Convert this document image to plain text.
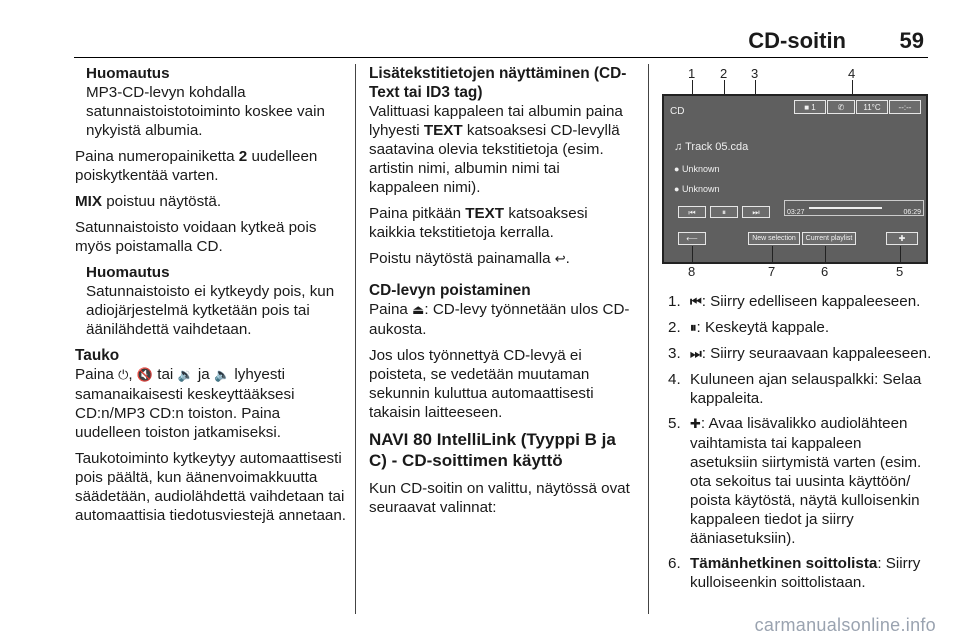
CD-soitin 59
Huomautus
MP3-CD-levyn kohdalla satunnaistoistotoiminto koskee vain nykyistä albumia.

Paina numeropainiketta 2 uudelleen poiskytkentää varten.

MIX poistuu näytöstä.

Satunnaistoisto voidaan kytkeä pois myös poistamalla CD.

Huomautus
Satunnaistoisto ei kytkeydy pois, kun adiojärjestelmä kytketään pois tai äänilähdettä vaihdetaan.
Tauko

Paina ⏻, 🔇 tai 🔉 ja 🔈 lyhyesti samanaikaisesti keskeyttääksesi CD:n/MP3 CD:n toiston. Paina uudelleen toiston jatkamiseksi.

Taukotoiminto kytkeytyy automaattisesti pois päältä, kun äänenvoimakkuutta säädetään, audiolähdettä vaihdetaan tai automaattisia tiedotusviestejä annetaan.

Lisätekstitietojen näyttäminen (CD-Text tai ID3 tag)

Valittuasi kappaleen tai albumin paina lyhyesti TEXT katsoaksesi CD-levyllä saatavina olevia tekstitietoja (esim. artistin nimi, albumin nimi tai kappaleen nimi).

Paina pitkään TEXT katsoaksesi kaikkia tekstitietoja kerralla.

Poistu näytöstä painamalla ↩.

CD-levyn poistaminen

Paina ⏏: CD-levy työnnetään ulos CD-aukosta.

Jos ulos työnnettyä CD-levyä ei poisteta, se vedetään muutaman sekunnin kuluttua automaattisesti takaisin laitteeseen.

NAVI 80 IntelliLink (Tyyppi B ja C) - CD-soittimen käyttö

Kun CD-soitin on valittu, näytössä ovat seuraavat valinnat:

1 2 3	4
CD	■ 1	✆	11°C	--:--
♫ Track 05.cda
● Unknown
● Unknown
⏮	⏸	⏭	03:27	06:29
⟵	New selection	Current playlist	✚
8	7	6	5
1. ⏮: Siirry edelliseen kappaleeseen.
2. ⏸: Keskeytä kappale.
3. ⏭: Siirry seuraavaan kappaleeseen.
4. Kuluneen ajan selauspalkki: Selaa kappaleita.
5. ✚: Avaa lisävalikko audiolähteen vaihtamista tai kappaleen asetuksiin siirtymistä varten (esim. ota sekoitus tai uusinta käyttöön/ poista käytöstä, näytä kulloisenkin kappaleen tiedot ja siirry ääniasetuksiin).
6. Tämänhetkinen soittolista: Siirry kulloiseenkin soittolistaan.
carmanualsonline.info
